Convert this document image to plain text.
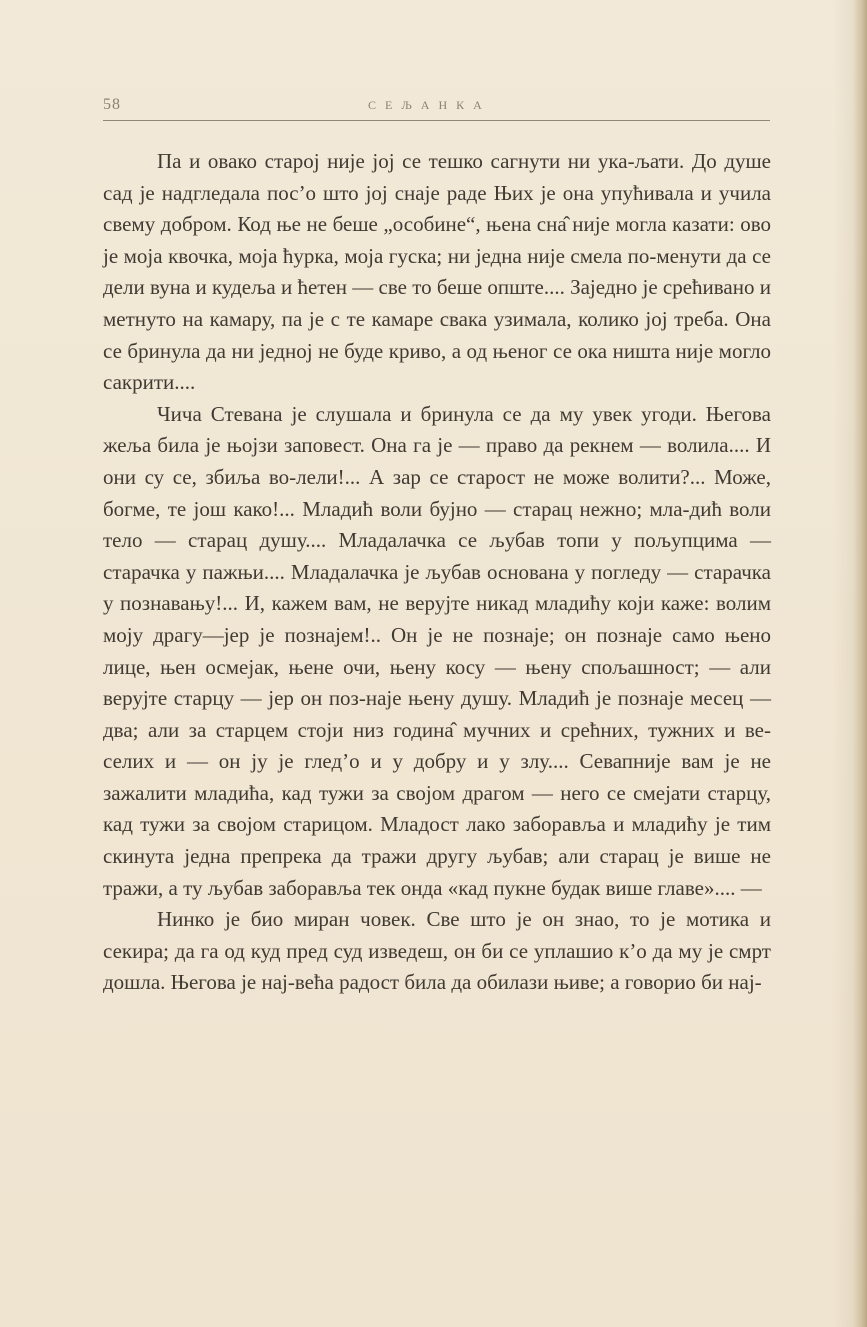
58	СЕЉАНКА

Па и овако старој није јој се тешко сагнути ни ука-љати. До душе сад је надгледала пос’о што јој снаје раде Њих је она упућивала и учила свему добром. Код ње не беше „осoбине“, њена сна̂ није могла казати: ово је моја квочка, моја ћурка, моја гуска; ни једна није смела по-менути да се дели вуна и кудеља и ћетен — све то беше опште.... Заједно је срећивано и метнуто на камару, па је с те камаре свака узимала, колико јој треба. Она се бринула да ни једној не буде криво, а од њеног се ока ништа није могло сакрити....

Чича Стевана је слушала и бринула се да му увек угоди. Његова жеља била је њојзи заповест. Она га је — право да рекнем — волила.... И они су се, збиља во-лели!... А зар се старост не може волити?... Може, богме, те још како!... Младић воли бујно — старац нежно; мла-дић воли тело — старац душу.... Младалачка се љубав топи у пољупцима — старачка у пажњи.... Младалачка је љубав основана у погледу — старачка у познавању!... И, кажем вам, не верујте никад младићу који каже: волим моју драгу—јер је познајем!.. Он је не познаје; он познаје само њено лице, њен осмејак, њене очи, њену косу — њену спољашност; — али верујте старцу — јер он поз-наје њену душу. Младић је познаје месец — два; али за старцем стоји низ година̂ мучних и срећних, тужних и ве-селих и — он ју је глед’о и у добру и у злу.... Севапније вам је не зажалити младића, кад тужи за својом драгом — него се смејати старцу, кад тужи за својом старицом. Младост лако заборавља и младићу је тим скинута једна препрека да тражи другу љубав; али старац је више не тражи, а ту љубав заборавља тек онда «кад пукне будак више главе».... —

Нинко је био миран човек. Све што је он знао, то је мотика и секира; да га од куд пред суд изведеш, он би се уплашио к’о да му је смрт дошла. Његова је нај-већа радост била да обилази њиве; а говорио би нај-
